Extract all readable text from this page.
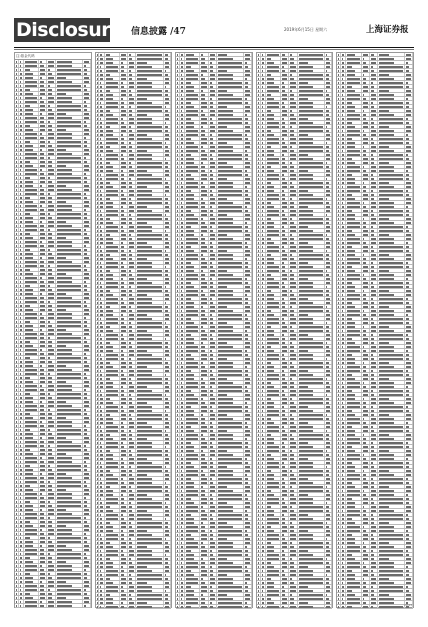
Disclosure 信息披露 /47	2019年6月15日 星期六	上海证券报
注:基金代码
CP43
